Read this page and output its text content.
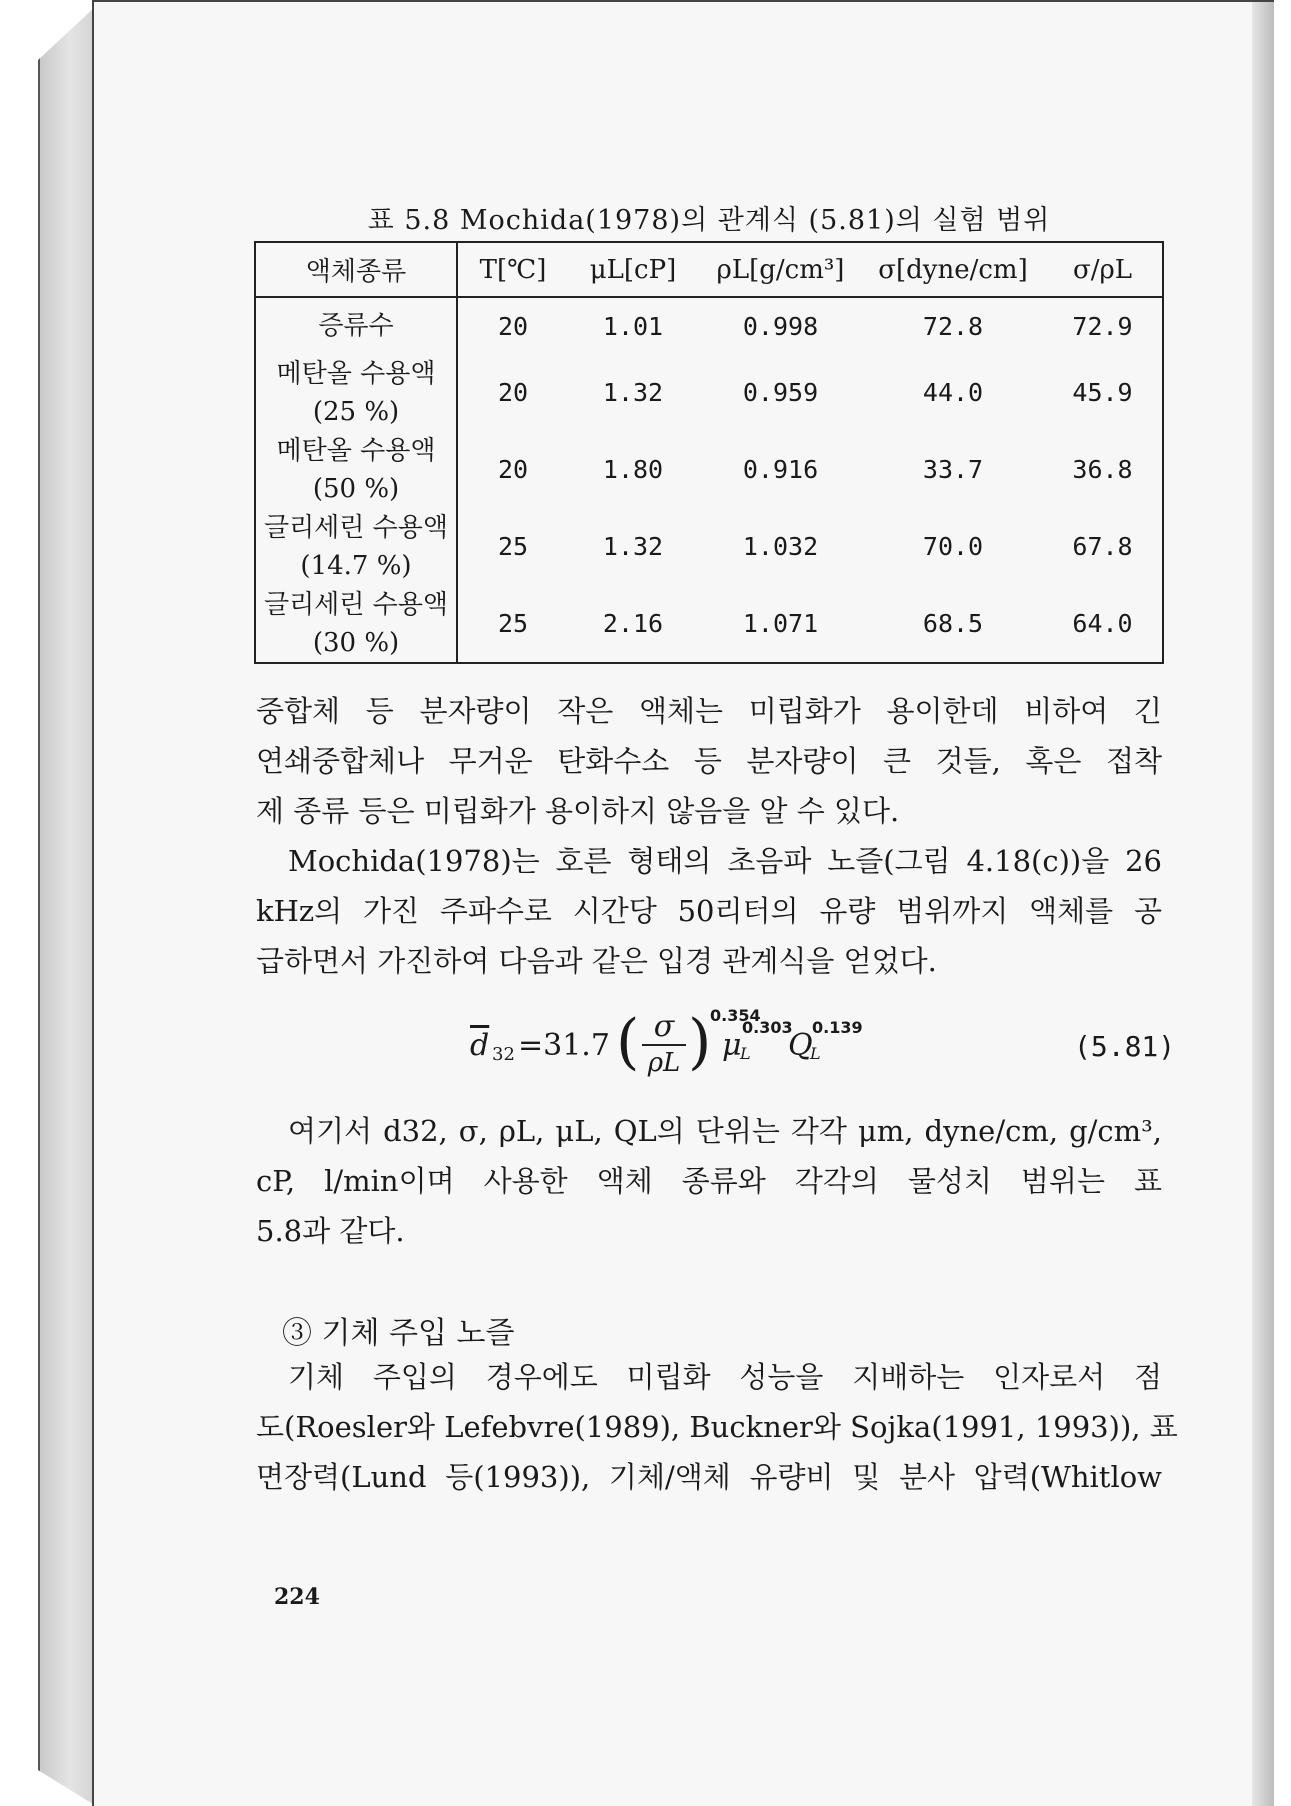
표 5.8 Mochida(1978)의 관계식 (5.81)의 실험 범위
액체종류	T[℃]	μL[cP]	ρL[g/cm³]	σ[dyne/cm]	σ/ρL
증류수	20	1.01	0.998	72.8	72.9
메탄올 수용액
(25 %)	20	1.32	0.959	44.0	45.9
메탄올 수용액
(50 %)	20	1.80	0.916	33.7	36.8
글리세린 수용액
(14.7 %)	25	1.32	1.032	70.0	67.8
글리세린 수용액
(30 %)	25	2.16	1.071	68.5	64.0
중합체 등 분자량이 작은 액체는 미립화가 용이한데 비하여 긴
연쇄중합체나 무거운 탄화수소 등 분자량이 큰 것들, 혹은 접착
제 종류 등은 미립화가 용이하지 않음을 알 수 있다.
Mochida(1978)는 호른 형태의 초음파 노즐(그림 4.18(c))을 26
kHz의 가진 주파수로 시간당 50리터의 유량 범위까지 액체를 공
급하면서 가진하여 다음과 같은 입경 관계식을 얻었다.
$\overline{d}$ 32 =31.7 ( σ
ρL )
0.354
μ
L
0.303
Q
L
0.139
(5.81)
여기서 d32, σ, ρL, μL, QL의 단위는 각각 μm, dyne/cm, g/cm³,
cP, l/min이며 사용한 액체 종류와 각각의 물성치 범위는 표
5.8과 같다.
③ 기체 주입 노즐
기체 주입의 경우에도 미립화 성능을 지배하는 인자로서 점
도(Roesler와 Lefebvre(1989), Buckner와 Sojka(1991, 1993)), 표
면장력(Lund 등(1993)), 기체/액체 유량비 및 분사 압력(Whitlow
224
